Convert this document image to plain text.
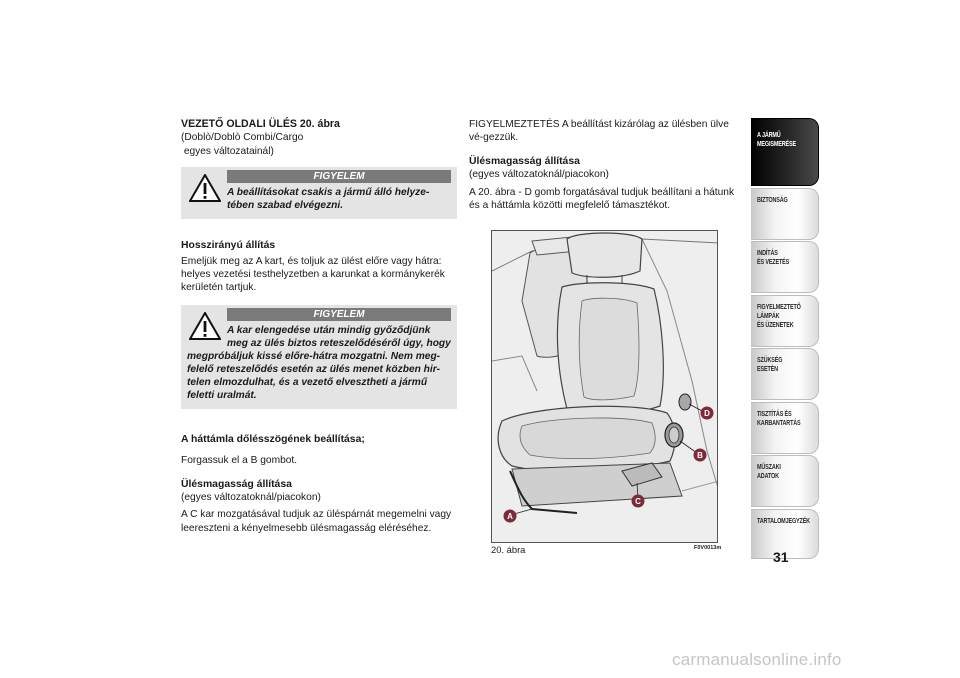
VEZETŐ OLDALI ÜLÉS 20. ábra
(Doblò/Doblò Combi/Cargo
egyes változatainál)
FIGYELEM
A beállításokat csakis a jármű álló helyze-
tében szabad elvégezni.
Hosszirányú állítás

Emeljük meg az A kart, és toljuk az ülést előre vagy hátra: helyes vezetési testhelyzetben a karunkat a kormánykerék kerületén tartjuk.

FIGYELEM
A kar elengedése után mindig győződjünk
meg az ülés biztos reteszelődéséről úgy, hogy
megpróbáljuk kissé előre-hátra mozgatni. Nem meg-felelő reteszelődés esetén az ülés menet közben hir-telen elmozdulhat, és a vezető elvesztheti a jármű feletti uralmát.
A háttámla dőlésszögének beállítása;

Forgassuk el a B gombot.

Ülésmagasság állítása
(egyes változatoknál/piacokon)

A C kar mozgatásával tudjuk az üléspárnát megemelni vagy leereszteni a kényelmesebb ülésmagasság eléréséhez.

FIGYELMEZTETÉS A beállítást kizárólag az ülésben ülve vé-gezzük.

Ülésmagasság állítása
(egyes változatoknál/piacokon)

A 20. ábra - D gomb forgatásával tudjuk beállítani a hátunk és a háttámla közötti megfelelő támasztékot.

A
C
B
D
20. ábra	F0V0013m
A JÁRMŰ
MEGISMERÉSE
BIZTONSÁG
INDÍTÁS
ÉS VEZETÉS
FIGYELMEZTETŐ
LÁMPÁK
ÉS ÜZENETEK
SZÜKSÉG
ESETÉN
TISZTÍTÁS ÉS
KARBANTARTÁS
MŰSZAKI
ADATOK
TARTALOMJEGYZÉK
31
carmanualsonline.info
